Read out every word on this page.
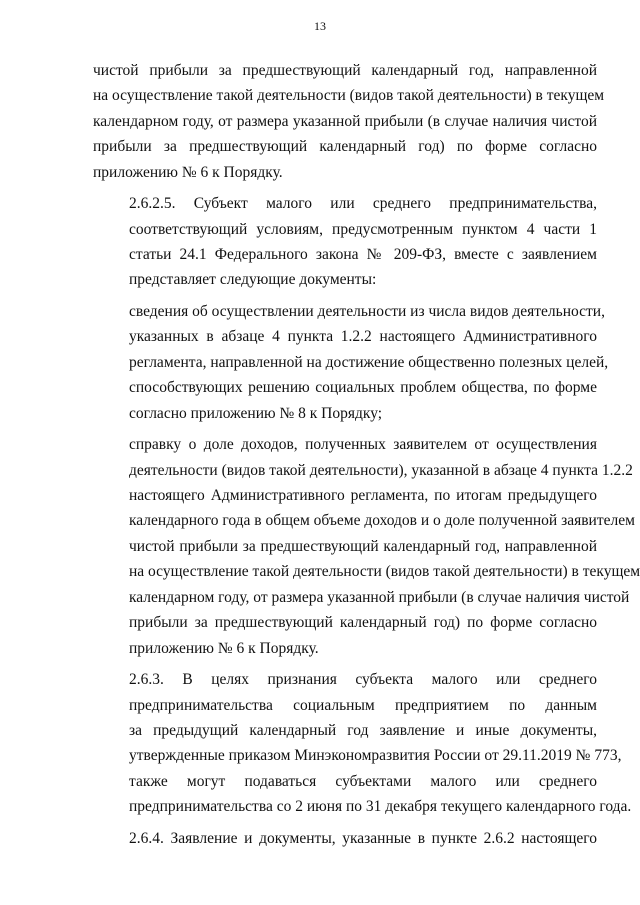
13

чистой прибыли за предшествующий календарный год, направленной
на осуществление такой деятельности (видов такой деятельности) в текущем
календарном году, от размера указанной прибыли (в случае наличия чистой
прибыли за предшествующий календарный год) по форме согласно
приложению № 6 к Порядку.

2.6.2.5. Субъект малого или среднего предпринимательства,
соответствующий условиям, предусмотренным пунктом 4 части 1
статьи 24.1 Федерального закона № 209-ФЗ, вместе с заявлением
представляет следующие документы:

сведения об осуществлении деятельности из числа видов деятельности,
указанных в абзаце 4 пункта 1.2.2 настоящего Административного
регламента, направленной на достижение общественно полезных целей,
способствующих решению социальных проблем общества, по форме
согласно приложению № 8 к Порядку;

справку о доле доходов, полученных заявителем от осуществления
деятельности (видов такой деятельности), указанной в абзаце 4 пункта 1.2.2
настоящего Административного регламента, по итогам предыдущего
календарного года в общем объеме доходов и о доле полученной заявителем
чистой прибыли за предшествующий календарный год, направленной
на осуществление такой деятельности (видов такой деятельности) в текущем
календарном году, от размера указанной прибыли (в случае наличия чистой
прибыли за предшествующий календарный год) по форме согласно
приложению № 6 к Порядку.

2.6.3. В целях признания субъекта малого или среднего
предпринимательства социальным предприятием по данным
за предыдущий календарный год заявление и иные документы,
утвержденные приказом Минэкономразвития России от 29.11.2019 № 773,
также могут подаваться субъектами малого или среднего
предпринимательства со 2 июня по 31 декабря текущего календарного года.

2.6.4. Заявление и документы, указанные в пункте 2.6.2 настоящего
